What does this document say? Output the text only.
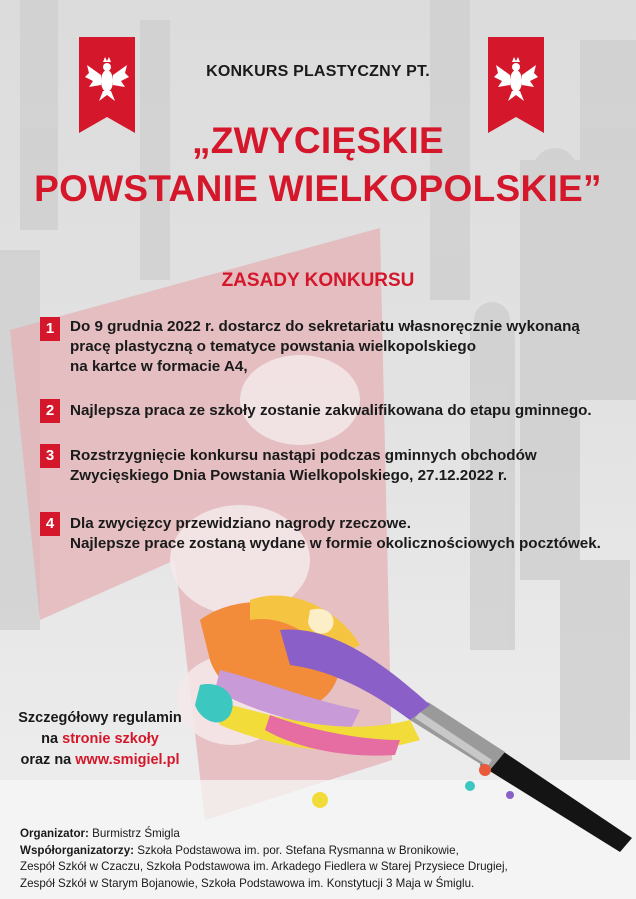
KONKURS PLASTYCZNY PT.
„ZWYCIĘSKIE
POWSTANIE WIELKOPOLSKIE”
ZASADY KONKURSU
1	Do 9 grudnia 2022 r. dostarcz do sekretariatu własnoręcznie wykonaną
pracę plastyczną o tematyce powstania wielkopolskiego
na kartce w formacie A4,
2	Najlepsza praca ze szkoły zostanie zakwalifikowana do etapu gminnego.
3	Rozstrzygnięcie konkursu nastąpi podczas gminnych obchodów
Zwycięskiego Dnia Powstania Wielkopolskiego, 27.12.2022 r.
4	Dla zwycięzcy przewidziano nagrody rzeczowe.
Najlepsze prace zostaną wydane w formie okolicznościowych pocztówek.
Szczegółowy regulamin
na stronie szkoły
oraz na www.smigiel.pl
Organizator: Burmistrz Śmigla
Współorganizatorzy: Szkoła Podstawowa im. por. Stefana Rysmanna w Bronikowie,
Zespół Szkół w Czaczu, Szkoła Podstawowa im. Arkadego Fiedlera w Starej Przysiece Drugiej,
Zespół Szkół w Starym Bojanowie, Szkoła Podstawowa im. Konstytucji 3 Maja w Śmiglu.
